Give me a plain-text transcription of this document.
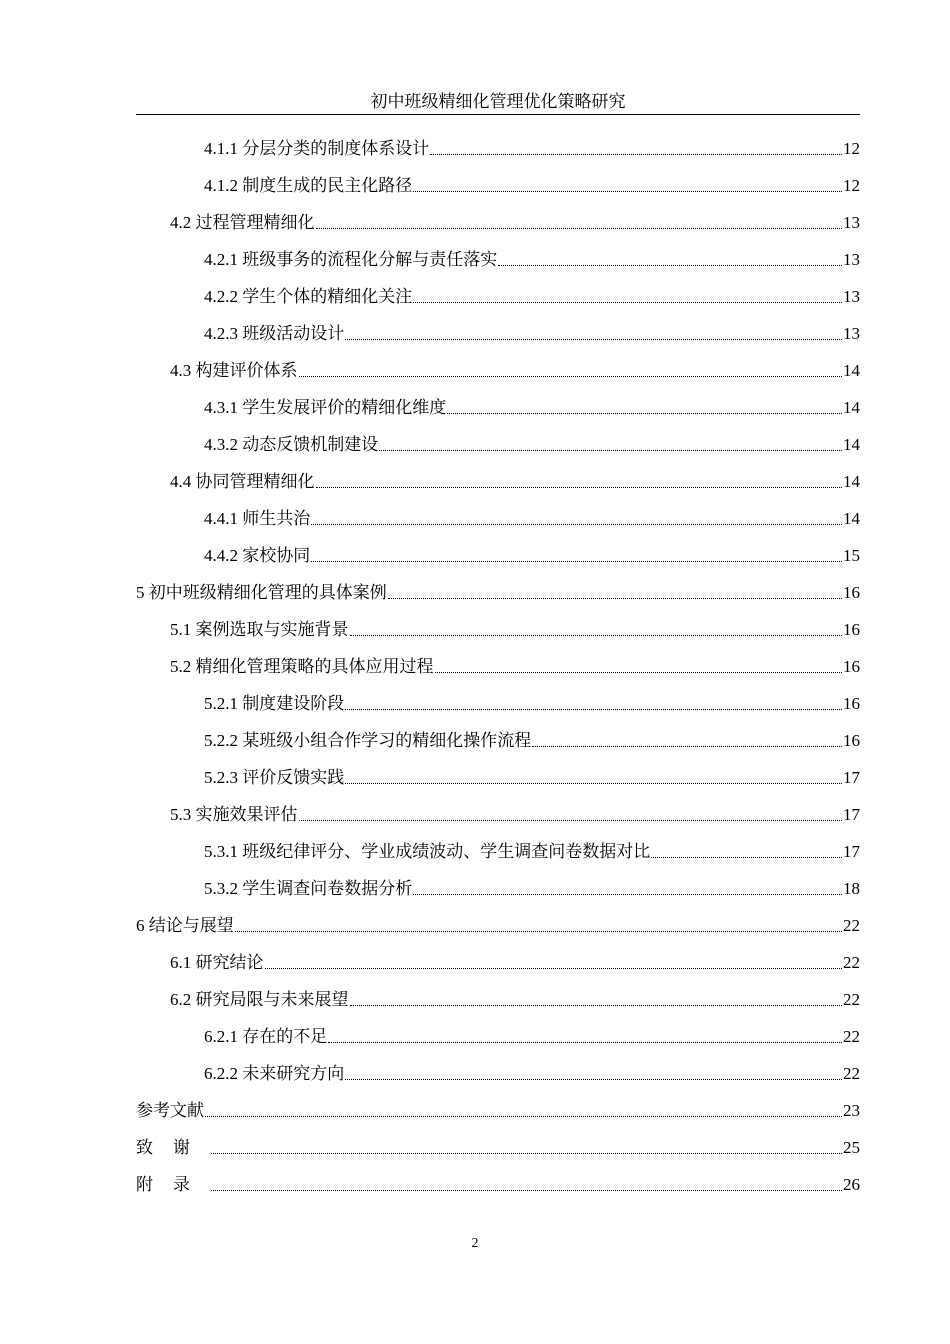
初中班级精细化管理优化策略研究
4.1.1 分层分类的制度体系设计	12
4.1.2 制度生成的民主化路径	12
4.2 过程管理精细化	13
4.2.1 班级事务的流程化分解与责任落实	13
4.2.2 学生个体的精细化关注	13
4.2.3 班级活动设计	13
4.3 构建评价体系	14
4.3.1 学生发展评价的精细化维度	14
4.3.2 动态反馈机制建设	14
4.4 协同管理精细化	14
4.4.1 师生共治	14
4.4.2 家校协同	15
5 初中班级精细化管理的具体案例	16
5.1 案例选取与实施背景	16
5.2 精细化管理策略的具体应用过程	16
5.2.1 制度建设阶段	16
5.2.2 某班级小组合作学习的精细化操作流程	16
5.2.3 评价反馈实践	17
5.3 实施效果评估	17
5.3.1 班级纪律评分、学业成绩波动、学生调查问卷数据对比	17
5.3.2 学生调查问卷数据分析	18
6 结论与展望	22
6.1 研究结论	22
6.2 研究局限与未来展望	22
6.2.1 存在的不足	22
6.2.2 未来研究方向	22
参考文献	23
致谢	25
附录	26
2
